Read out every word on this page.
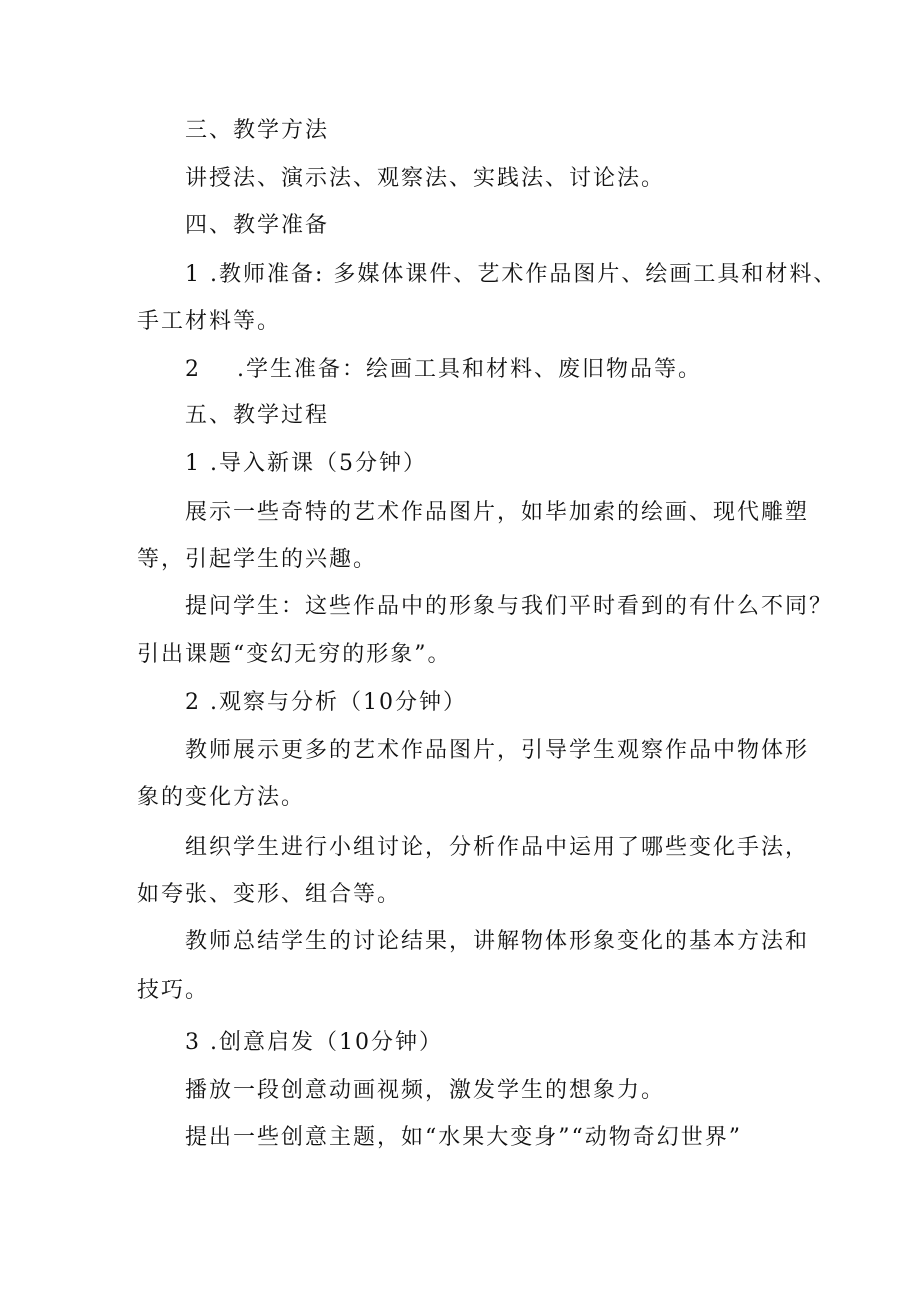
三、教学方法
讲授法、演示法、观察法、实践法、讨论法。
四、教学准备
1 .教师准备: 多媒体课件、艺术作品图片、绘画工具和材料、
手工材料等。
2    .学生准备：绘画工具和材料、废旧物品等。
五、教学过程
1 .导入新课（5分钟）
展示一些奇特的艺术作品图片，如毕加索的绘画、现代雕塑
等，引起学生的兴趣。
提问学生：这些作品中的形象与我们平时看到的有什么不同？
引出课题“变幻无穷的形象”。
2 .观察与分析（10分钟）
教师展示更多的艺术作品图片，引导学生观察作品中物体形
象的变化方法。
组织学生进行小组讨论，分析作品中运用了哪些变化手法，
如夸张、变形、组合等。
教师总结学生的讨论结果，讲解物体形象变化的基本方法和
技巧。
3 .创意启发（10分钟）
播放一段创意动画视频，激发学生的想象力。
提出一些创意主题，如“水果大变身”“动物奇幻世界”
